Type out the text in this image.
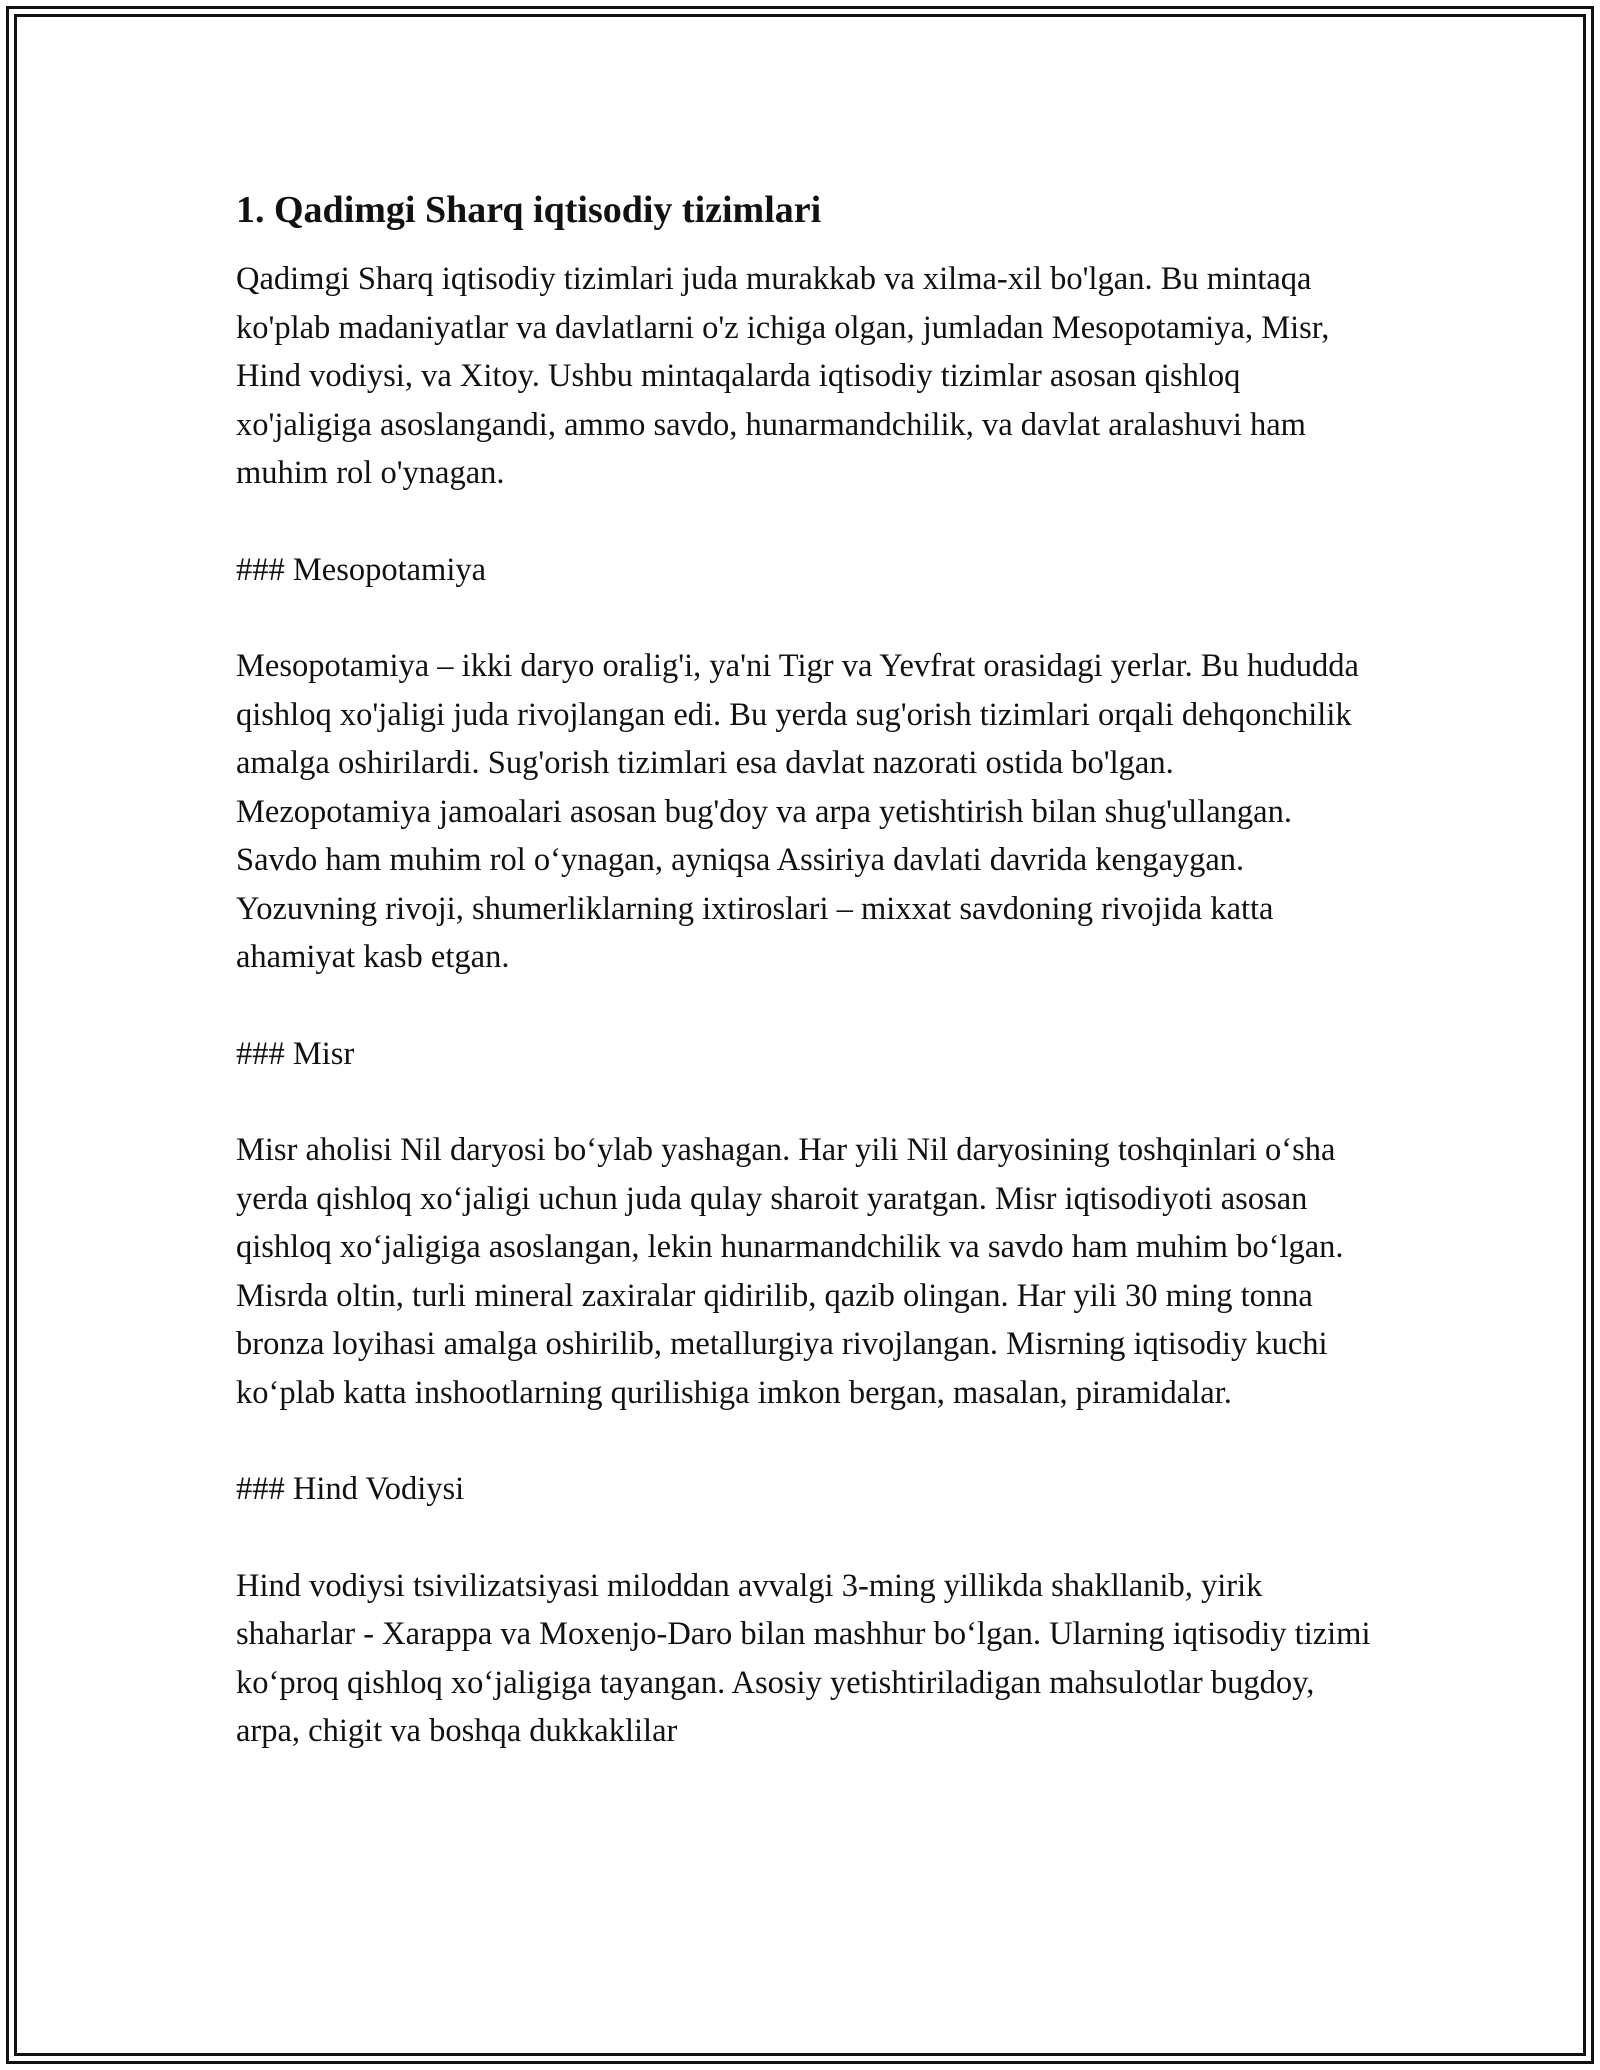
1. Qadimgi Sharq iqtisodiy tizimlari

Qadimgi Sharq iqtisodiy tizimlari juda murakkab va xilma-xil bo'lgan. Bu mintaqa ko'plab madaniyatlar va davlatlarni o'z ichiga olgan, jumladan Mesopotamiya, Misr, Hind vodiysi, va Xitoy. Ushbu mintaqalarda iqtisodiy tizimlar asosan qishloq xo'jaligiga asoslangandi, ammo savdo, hunarmandchilik, va davlat aralashuvi ham muhim rol o'ynagan.

### Mesopotamiya

Mesopotamiya – ikki daryo oralig'i, ya'ni Tigr va Yevfrat orasidagi yerlar. Bu hududda qishloq xo'jaligi juda rivojlangan edi. Bu yerda sug'orish tizimlari orqali dehqonchilik amalga oshirilardi. Sug'orish tizimlari esa davlat nazorati ostida bo'lgan. Mezopotamiya jamoalari asosan bug'doy va arpa yetishtirish bilan shug'ullangan. Savdo ham muhim rol o‘ynagan, ayniqsa Assiriya davlati davrida kengaygan. Yozuvning rivoji, shumerliklarning ixtiroslari – mixxat savdoning rivojida katta ahamiyat kasb etgan.

### Misr

Misr aholisi Nil daryosi bo‘ylab yashagan. Har yili Nil daryosining toshqinlari o‘sha yerda qishloq xo‘jaligi uchun juda qulay sharoit yaratgan. Misr iqtisodiyoti asosan qishloq xo‘jaligiga asoslangan, lekin hunarmandchilik va savdo ham muhim bo‘lgan. Misrda oltin, turli mineral zaxiralar qidirilib, qazib olingan. Har yili 30 ming tonna bronza loyihasi amalga oshirilib, metallurgiya rivojlangan. Misrning iqtisodiy kuchi ko‘plab katta inshootlarning qurilishiga imkon bergan, masalan, piramidalar.

### Hind Vodiysi

Hind vodiysi tsivilizatsiyasi miloddan avvalgi 3-ming yillikda shakllanib, yirik shaharlar - Xarappa va Moxenjo-Daro bilan mashhur bo‘lgan. Ularning iqtisodiy tizimi ko‘proq qishloq xo‘jaligiga tayangan. Asosiy yetishtiriladigan mahsulotlar bugdoy, arpa, chigit va boshqa dukkaklilar
